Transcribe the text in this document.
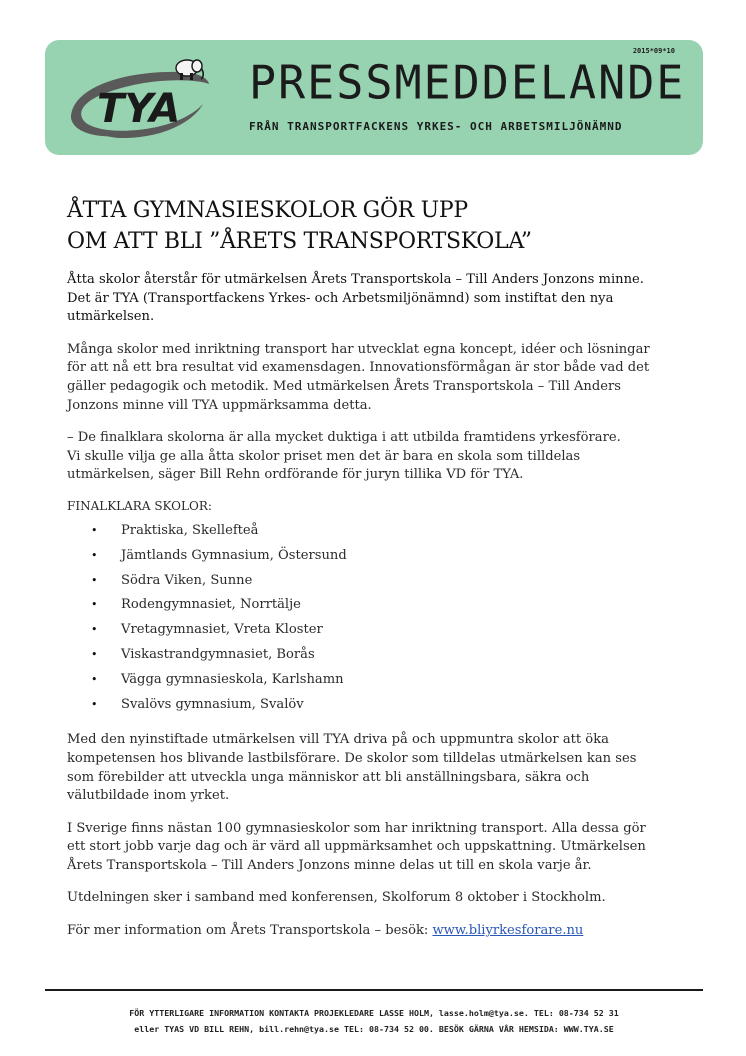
TYA
2015*09*10
PRESSMEDDELANDE
FRÅN TRANSPORTFACKENS YRKES- OCH ARBETSMILJÖNÄMND
ÅTTA GYMNASIESKOLOR GÖR UPP
OM ATT BLI ”ÅRETS TRANSPORTSKOLA”

Åtta skolor återstår för utmärkelsen Årets Transportskola – Till Anders Jonzons minne. Det är TYA (Transportfackens Yrkes- och Arbetsmiljönämnd) som instiftat den nya utmärkelsen.

Många skolor med inriktning transport har utvecklat egna koncept, idéer och lösningar för att nå ett bra resultat vid examensdagen. Innovationsförmågan är stor både vad det gäller pedagogik och metodik. Med utmärkelsen Årets Transportskola – Till Anders Jonzons minne vill TYA uppmärksamma detta.

– De finalklara skolorna är alla mycket duktiga i att utbilda framtidens yrkesförare.
Vi skulle vilja ge alla åtta skolor priset men det är bara en skola som tilldelas utmärkelsen, säger Bill Rehn ordförande för juryn tillika VD för TYA.

FINALKLARA SKOLOR:
• Praktiska, Skellefteå
• Jämtlands Gymnasium, Östersund
• Södra Viken, Sunne
• Rodengymnasiet, Norrtälje
• Vretagymnasiet, Vreta Kloster
• Viskastrandgymnasiet, Borås
• Vägga gymnasieskola, Karlshamn
• Svalövs gymnasium, Svalöv

Med den nyinstiftade utmärkelsen vill TYA driva på och uppmuntra skolor att öka kompetensen hos blivande lastbilsförare. De skolor som tilldelas utmärkelsen kan ses som förebilder att utveckla unga människor att bli anställningsbara, säkra och välutbildade inom yrket.

I Sverige finns nästan 100 gymnasieskolor som har inriktning transport. Alla dessa gör ett stort jobb varje dag och är värd all uppmärksamhet och uppskattning. Utmärkelsen Årets Transportskola – Till Anders Jonzons minne delas ut till en skola varje år.

Utdelningen sker i samband med konferensen, Skolforum 8 oktober i Stockholm.

För mer information om Årets Transportskola – besök: www.bliyrkesforare.nu

FÖR YTTERLIGARE INFORMATION KONTAKTA PROJEKLEDARE LASSE HOLM, lasse.holm@tya.se. TEL: 08-734 52 31
eller TYAS VD BILL REHN, bill.rehn@tya.se TEL: 08-734 52 00. BESÖK GÄRNA VÅR HEMSIDA: WWW.TYA.SE
